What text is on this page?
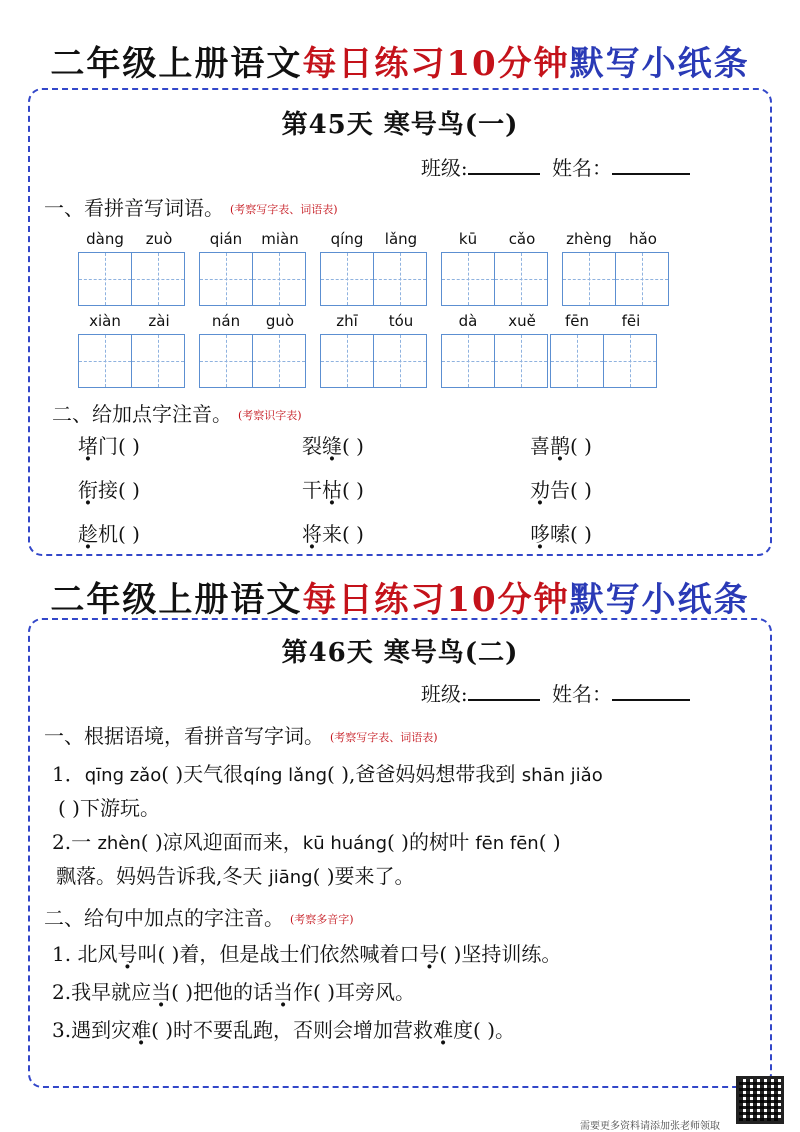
二年级上册语文每日练习10分钟默写小纸条
第45天 寒号鸟(一)
班级:	姓名：
一、看拼音写词语。 (考察写字表、词语表)
dàng	zuò	qián	miàn	qíng	lǎng	kū	cǎo	zhèng	hǎo
xiàn	zài	nán	guò	zhī	tóu	dà	xuě	fēn	fēi
二、给加点字注音。 (考察识字表)
堵门( )	裂缝( )	喜鹊( )
衔接( )	干枯( )	劝告( )
趁机( )	将来( )	哆嗦( )
二年级上册语文每日练习10分钟默写小纸条
第46天 寒号鸟(二)
班级:	姓名：
一、根据语境，看拼音写字词。 (考察写字表、词语表)
1．qīng zǎo( )天气很qíng lǎng( ),爸爸妈妈想带我到 shān jiǎo
( )下游玩。
2.一 zhèn( )凉风迎面而来，kū huáng( )的树叶 fēn fēn( )
飘落。妈妈告诉我,冬天 jiāng( )要来了。
二、给句中加点的字注音。 (考察多音字)
1. 北风号叫( )着，但是战士们依然喊着口号( )坚持训练。
2.我早就应当( )把他的话当作( )耳旁风。
3.遇到灾难( )时不要乱跑，否则会增加营救难度( )。
需要更多资料请添加张老师领取
